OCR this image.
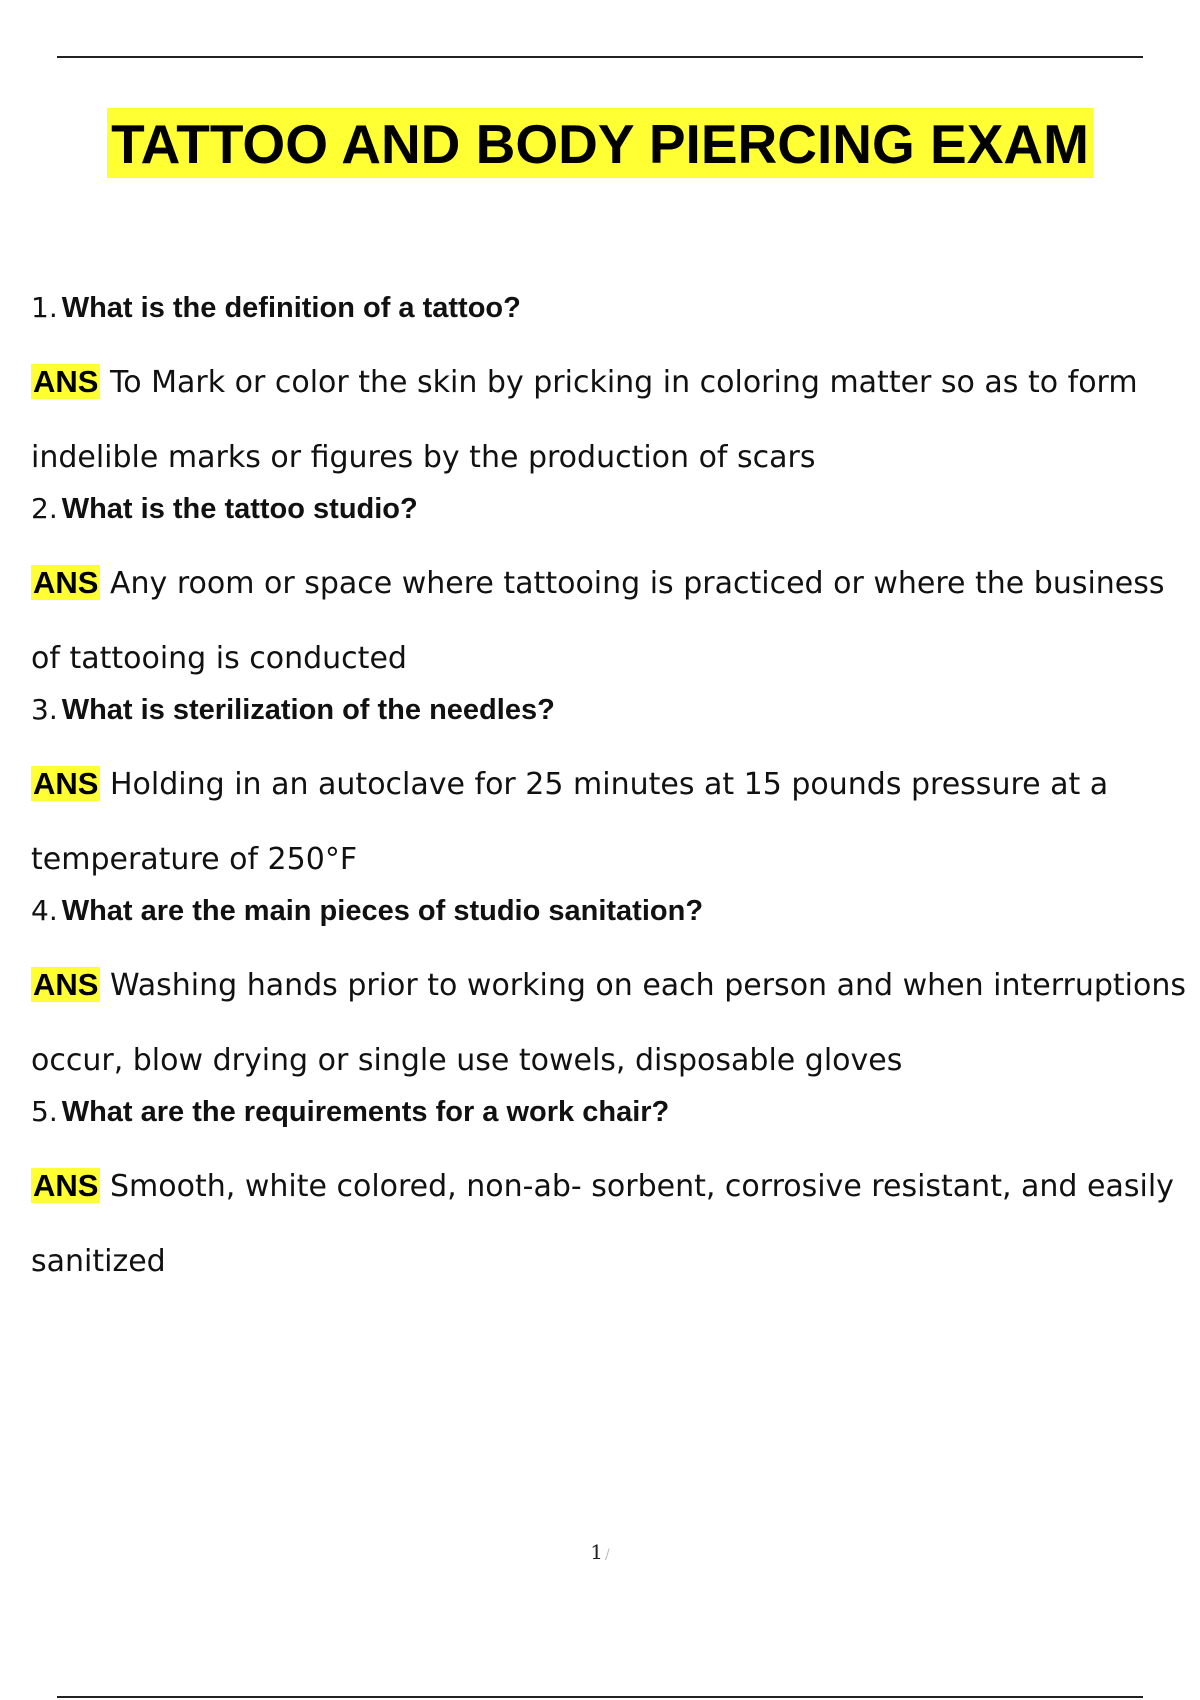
TATTOO AND BODY PIERCING EXAM
1. What is the definition of a tattoo?
ANS To Mark or color the skin by pricking in coloring matter so as to form indelible marks or figures by the production of scars
2. What is the tattoo studio?
ANS Any room or space where tattooing is practiced or where the business of tattooing is conducted
3. What is sterilization of the needles?
ANS Holding in an autoclave for 25 minutes at 15 pounds pressure at a temperature of 250°F
4. What are the main pieces of studio sanitation?
ANS Washing hands prior to working on each person and when interruptions occur, blow drying or single use towels, disposable gloves
5. What are the requirements for a work chair?
ANS Smooth, white colored, non-ab- sorbent, corrosive resistant, and easily sanitized
1 /
